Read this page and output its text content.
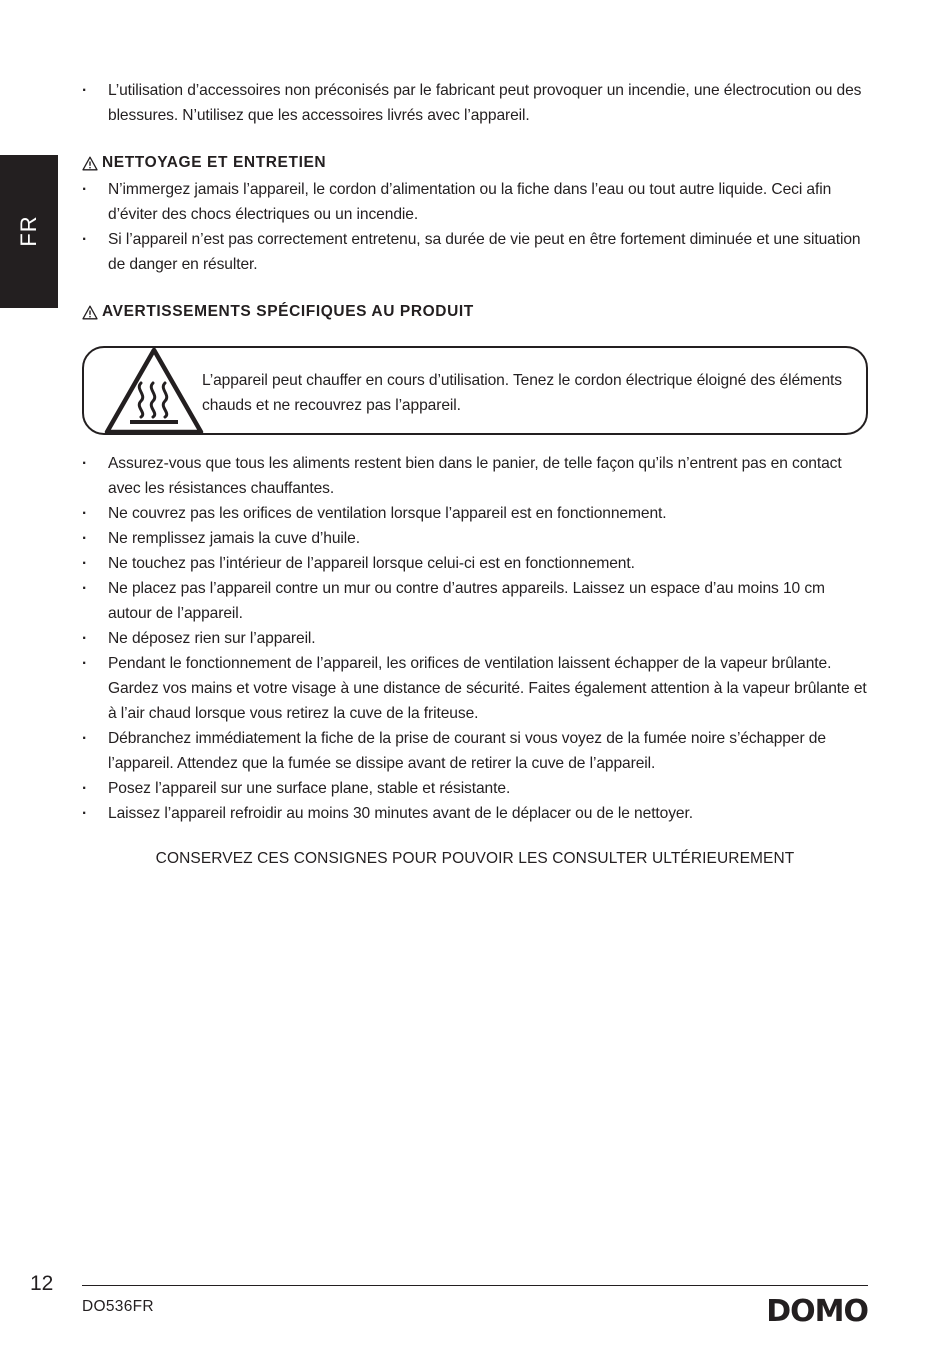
FR
· L’utilisation d’accessoires non préconisés par le fabricant peut provoquer un incendie, une électrocution ou des blessures. N’utilisez que les accessoires livrés avec l’appareil.
NETTOYAGE ET ENTRETIEN
· N’immergez jamais l’appareil, le cordon d’alimentation ou la fiche dans l’eau ou tout autre liquide. Ceci afin d’éviter des chocs électriques ou un incendie.
· Si l’appareil n’est pas correctement entretenu, sa durée de vie peut en être fortement diminuée et une situation de danger en résulter.
AVERTISSEMENTS SPÉCIFIQUES AU PRODUIT

L’appareil peut chauffer en cours d’utilisation. Tenez le cordon électrique éloigné des éléments chauds et ne recouvrez pas l’appareil.

· Assurez-vous que tous les aliments restent bien dans le panier, de telle façon qu’ils n’entrent pas en contact avec les résistances chauffantes.
· Ne couvrez pas les orifices de ventilation lorsque l’appareil est en fonctionnement.
· Ne remplissez jamais la cuve d’huile.
· Ne touchez pas l’intérieur de l’appareil lorsque celui-ci est en fonctionnement.
· Ne placez pas l’appareil contre un mur ou contre d’autres appareils. Laissez un espace d’au moins 10 cm autour de l’appareil.
· Ne déposez rien sur l’appareil.
· Pendant le fonctionnement de l’appareil, les orifices de ventilation laissent échapper de la vapeur brûlante. Gardez vos mains et votre visage à une distance de sécurité. Faites également attention à la vapeur brûlante et à l’air chaud lorsque vous retirez la cuve de la friteuse.
· Débranchez immédiatement la fiche de la prise de courant si vous voyez de la fumée noire s’échapper de l’appareil. Attendez que la fumée se dissipe avant de retirer la cuve de l’appareil.
· Posez l’appareil sur une surface plane, stable et résistante.
· Laissez l’appareil refroidir au moins 30 minutes avant de le déplacer ou de le nettoyer.
CONSERVEZ CES CONSIGNES POUR POUVOIR LES CONSULTER ULTÉRIEUREMENT
12
DO536FR	DOMO
